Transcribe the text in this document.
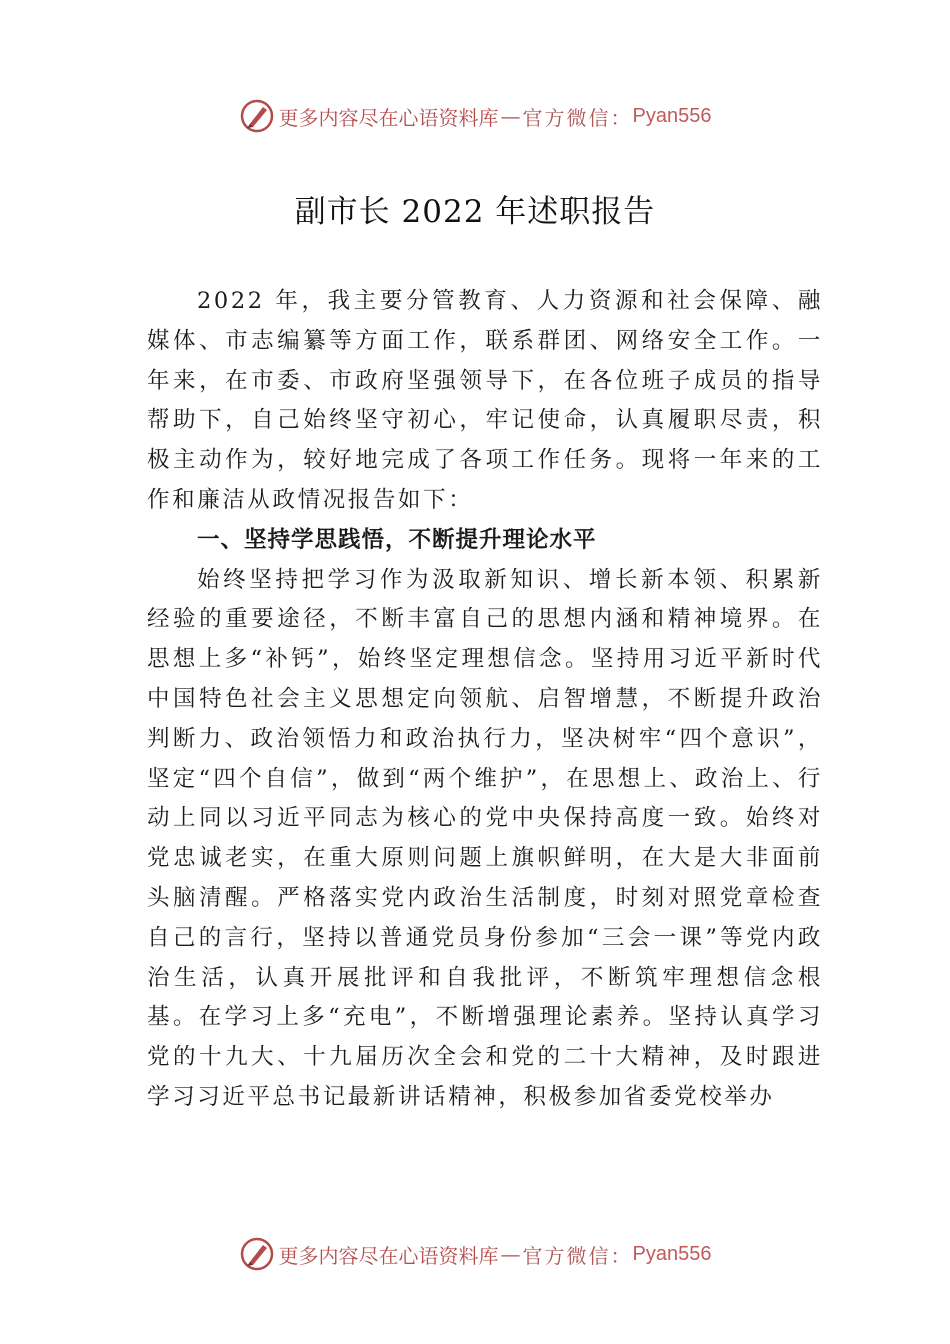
更多内容尽在心语资料库 — 官方微信： Pyan556
副市长 2022 年述职报告

2022 年，我主要分管教育、人力资源和社会保障、融媒体、市志编纂等方面工作，联系群团、网络安全工作。一年来，在市委、市政府坚强领导下，在各位班子成员的指导帮助下，自己始终坚守初心，牢记使命，认真履职尽责，积极主动作为，较好地完成了各项工作任务。现将一年来的工作和廉洁从政情况报告如下：

一、坚持学思践悟，不断提升理论水平

始终坚持把学习作为汲取新知识、增长新本领、积累新经验的重要途径，不断丰富自己的思想内涵和精神境界。在思想上多“补钙”，始终坚定理想信念。坚持用习近平新时代中国特色社会主义思想定向领航、启智增慧，不断提升政治判断力、政治领悟力和政治执行力，坚决树牢“四个意识”，坚定“四个自信”，做到“两个维护”，在思想上、政治上、行动上同以习近平同志为核心的党中央保持高度一致。始终对党忠诚老实，在重大原则问题上旗帜鲜明，在大是大非面前头脑清醒。严格落实党内政治生活制度，时刻对照党章检查自己的言行，坚持以普通党员身份参加“三会一课”等党内政治生活，认真开展批评和自我批评，不断筑牢理想信念根基。在学习上多“充电”，不断增强理论素养。坚持认真学习党的十九大、十九届历次全会和党的二十大精神，及时跟进学习习近平总书记最新讲话精神，积极参加省委党校举办

更多内容尽在心语资料库 — 官方微信： Pyan556
